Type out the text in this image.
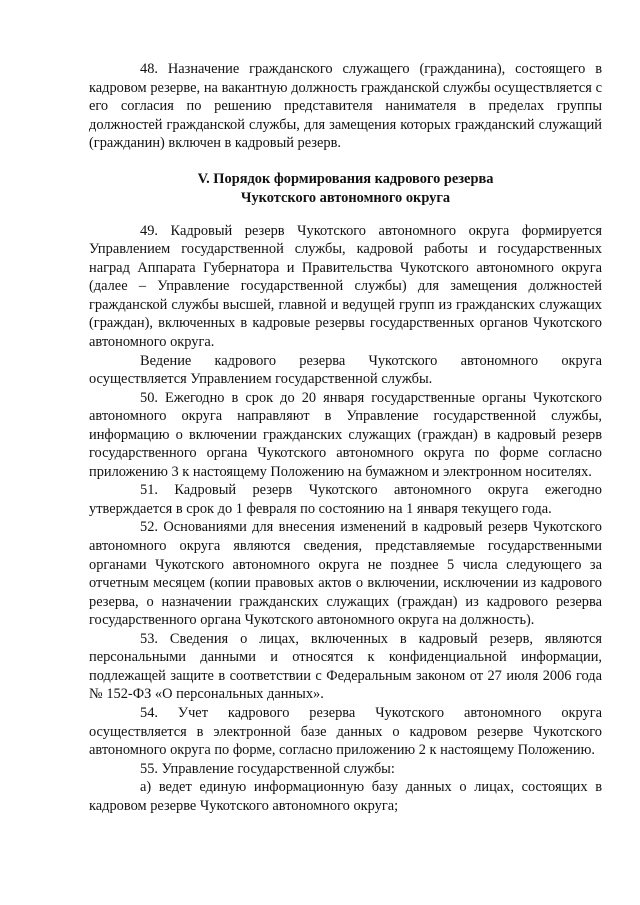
48. Назначение гражданского служащего (гражданина), состоящего в кадровом резерве, на вакантную должность гражданской службы осуществляется с его согласия по решению представителя нанимателя в пределах группы должностей гражданской службы, для замещения которых гражданский служащий (гражданин) включен в кадровый резерв.

V. Порядок формирования кадрового резерва
Чукотского автономного округа

49. Кадровый резерв Чукотского автономного округа формируется Управлением государственной службы, кадровой работы и государственных наград Аппарата Губернатора и Правительства Чукотского автономного округа (далее – Управление государственной службы) для замещения должностей гражданской службы высшей, главной и ведущей групп из гражданских служащих (граждан), включенных в кадровые резервы государственных органов Чукотского автономного округа.

Ведение кадрового резерва Чукотского автономного округа осуществляется Управлением государственной службы.

50. Ежегодно в срок до 20 января государственные органы Чукотского автономного округа направляют в Управление государственной службы, информацию о включении гражданских служащих (граждан) в кадровый резерв государственного органа Чукотского автономного округа по форме согласно приложению 3 к настоящему Положению на бумажном и электронном носителях.

51. Кадровый резерв Чукотского автономного округа ежегодно утверждается в срок до 1 февраля по состоянию на 1 января текущего года.

52. Основаниями для внесения изменений в кадровый резерв Чукотского автономного округа являются сведения, представляемые государственными органами Чукотского автономного округа не позднее 5 числа следующего за отчетным месяцем (копии правовых актов о включении, исключении из кадрового резерва, о назначении гражданских служащих (граждан) из кадрового резерва государственного органа Чукотского автономного округа на должность).

53. Сведения о лицах, включенных в кадровый резерв, являются персональными данными и относятся к конфиденциальной информации, подлежащей защите в соответствии с Федеральным законом от 27 июля 2006 года № 152-ФЗ «О персональных данных».

54. Учет кадрового резерва Чукотского автономного округа осуществляется в электронной базе данных о кадровом резерве Чукотского автономного округа по форме, согласно приложению 2 к настоящему Положению.

55. Управление государственной службы:

а) ведет единую информационную базу данных о лицах, состоящих в кадровом резерве Чукотского автономного округа;
